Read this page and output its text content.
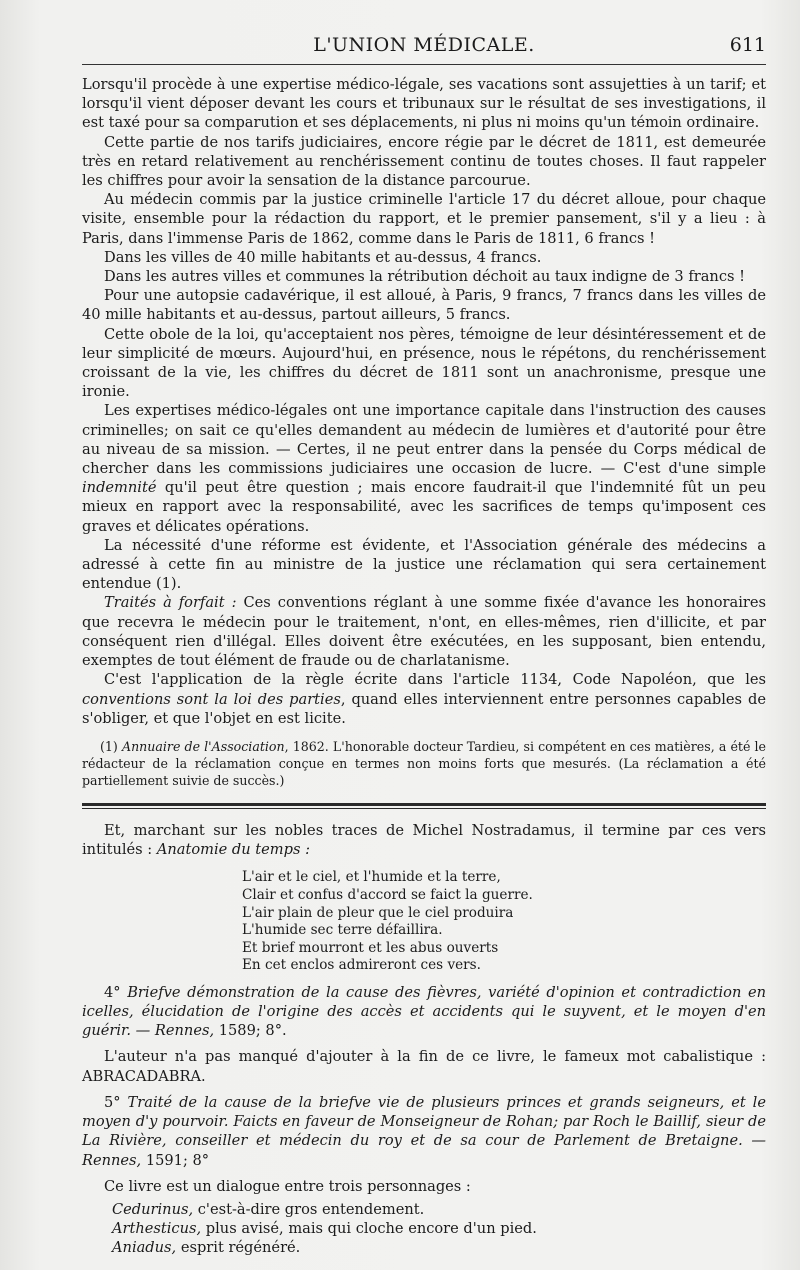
L'UNION MÉDICALE.	611

Lorsqu'il procède à une expertise médico-légale, ses vacations sont assujetties à un tarif; et lorsqu'il vient déposer devant les cours et tribunaux sur le résultat de ses investigations, il est taxé pour sa comparution et ses déplacements, ni plus ni moins qu'un témoin ordinaire.

Cette partie de nos tarifs judiciaires, encore régie par le décret de 1811, est demeurée très en retard relativement au renchérissement continu de toutes choses. Il faut rappeler les chiffres pour avoir la sensation de la distance parcourue.

Au médecin commis par la justice criminelle l'article 17 du décret alloue, pour chaque visite, ensemble pour la rédaction du rapport, et le premier pansement, s'il y a lieu : à Paris, dans l'immense Paris de 1862, comme dans le Paris de 1811, 6 francs !

Dans les villes de 40 mille habitants et au-dessus, 4 francs.

Dans les autres villes et communes la rétribution déchoit au taux indigne de 3 francs !

Pour une autopsie cadavérique, il est alloué, à Paris, 9 francs, 7 francs dans les villes de 40 mille habitants et au-dessus, partout ailleurs, 5 francs.

Cette obole de la loi, qu'acceptaient nos pères, témoigne de leur désintéressement et de leur simplicité de mœurs. Aujourd'hui, en présence, nous le répétons, du renchérissement croissant de la vie, les chiffres du décret de 1811 sont un anachronisme, presque une ironie.

Les expertises médico-légales ont une importance capitale dans l'instruction des causes criminelles; on sait ce qu'elles demandent au médecin de lumières et d'autorité pour être au niveau de sa mission. — Certes, il ne peut entrer dans la pensée du Corps médical de chercher dans les commissions judiciaires une occasion de lucre. — C'est d'une simple indemnité qu'il peut être question ; mais encore faudrait-il que l'indemnité fût un peu mieux en rapport avec la responsabilité, avec les sacrifices de temps qu'imposent ces graves et délicates opérations.

La nécessité d'une réforme est évidente, et l'Association générale des médecins a adressé à cette fin au ministre de la justice une réclamation qui sera certainement entendue (1).

Traités à forfait : Ces conventions réglant à une somme fixée d'avance les honoraires que recevra le médecin pour le traitement, n'ont, en elles-mêmes, rien d'illicite, et par conséquent rien d'illégal. Elles doivent être exécutées, en les supposant, bien entendu, exemptes de tout élément de fraude ou de charlatanisme.

C'est l'application de la règle écrite dans l'article 1134, Code Napoléon, que les conventions sont la loi des parties, quand elles interviennent entre personnes capables de s'obliger, et que l'objet en est licite.

(1) Annuaire de l'Association, 1862. L'honorable docteur Tardieu, si compétent en ces matières, a été le rédacteur de la réclamation conçue en termes non moins forts que mesurés. (La réclamation a été partiellement suivie de succès.)

Et, marchant sur les nobles traces de Michel Nostradamus, il termine par ces vers intitulés : Anatomie du temps :

L'air et le ciel, et l'humide et la terre,
Clair et confus d'accord se faict la guerre.
L'air plain de pleur que le ciel produira
L'humide sec terre défaillira.
Et brief mourront et les abus ouverts
En cet enclos admireront ces vers.

4° Briefve démonstration de la cause des fièvres, variété d'opinion et contradiction en icelles, élucidation de l'origine des accès et accidents qui le suyvent, et le moyen d'en guérir. — Rennes, 1589; 8°.

L'auteur n'a pas manqué d'ajouter à la fin de ce livre, le fameux mot cabalistique : ABRACADABRA.

5° Traité de la cause de la briefve vie de plusieurs princes et grands seigneurs, et le moyen d'y pourvoir. Faicts en faveur de Monseigneur de Rohan; par Roch le Baillif, sieur de La Rivière, conseiller et médecin du roy et de sa cour de Parlement de Bretaigne. — Rennes, 1591; 8°

Ce livre est un dialogue entre trois personnages :

Cedurinus, c'est-à-dire gros entendement.

Arthesticus, plus avisé, mais qui cloche encore d'un pied.

Aniadus, esprit régénéré.
